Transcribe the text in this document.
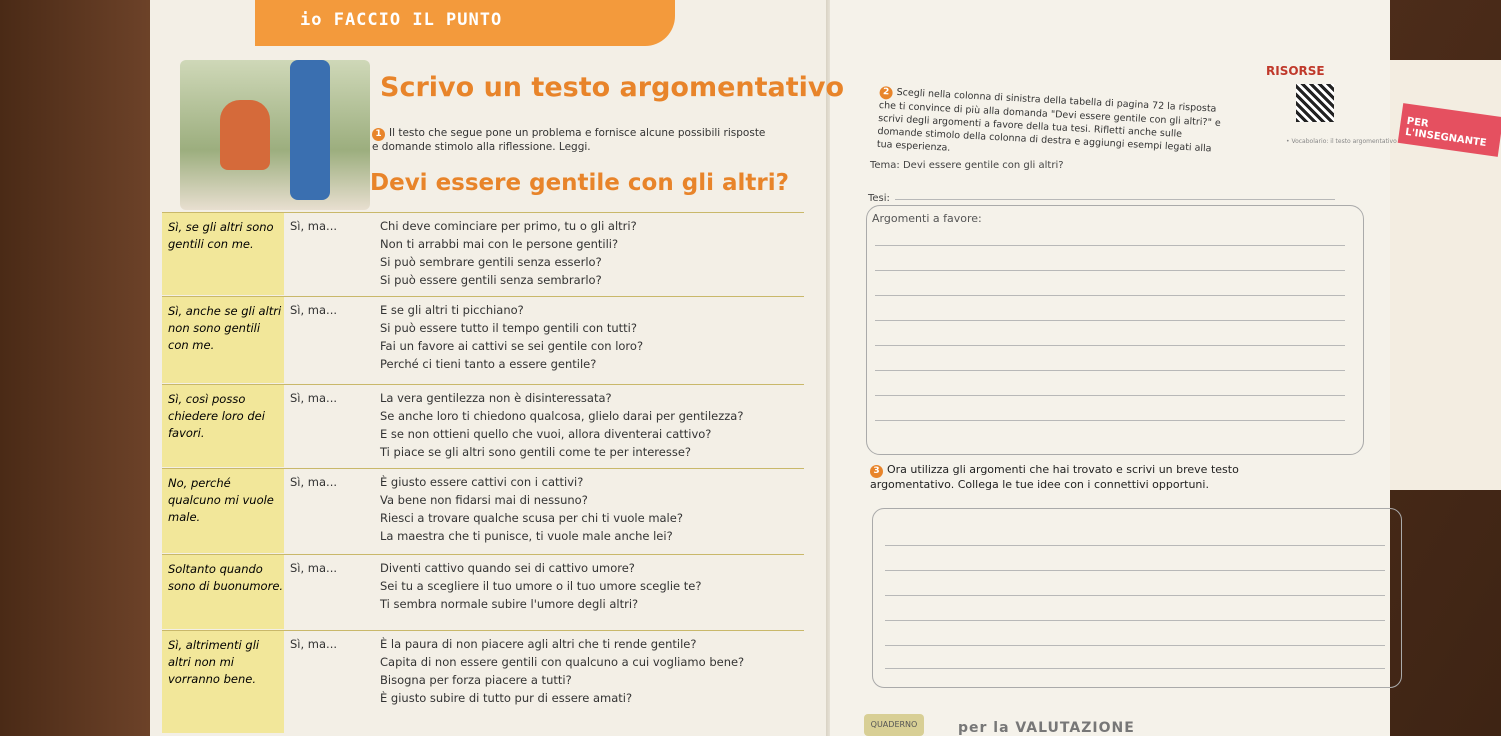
PER L'INSEGNANTE
io FACCIO IL PUNTO
Scrivo un testo argomentativo
1 Il testo che segue pone un problema e fornisce alcune possibili risposte e domande stimolo alla riflessione. Leggi.
Devi essere gentile con gli altri?
Sì, se gli altri sono gentili con me.
Sì, ma...	Chi deve cominciare per primo, tu o gli altri?
Non ti arrabbi mai con le persone gentili?
Si può sembrare gentili senza esserlo?
Si può essere gentili senza sembrarlo?
Sì, anche se gli altri non sono gentili con me.
Sì, ma...	E se gli altri ti picchiano?
Si può essere tutto il tempo gentili con tutti?
Fai un favore ai cattivi se sei gentile con loro?
Perché ci tieni tanto a essere gentile?
Sì, così posso chiedere loro dei favori.
Sì, ma...	La vera gentilezza non è disinteressata?
Se anche loro ti chiedono qualcosa, glielo darai per gentilezza?
E se non ottieni quello che vuoi, allora diventerai cattivo?
Ti piace se gli altri sono gentili come te per interesse?
No, perché qualcuno mi vuole male.
Sì, ma...	È giusto essere cattivi con i cattivi?
Va bene non fidarsi mai di nessuno?
Riesci a trovare qualche scusa per chi ti vuole male?
La maestra che ti punisce, ti vuole male anche lei?
Soltanto quando sono di buonumore.
Sì, ma...	Diventi cattivo quando sei di cattivo umore?
Sei tu a scegliere il tuo umore o il tuo umore sceglie te?
Ti sembra normale subire l'umore degli altri?
Sì, altrimenti gli altri non mi vorranno bene.
Sì, ma...	È la paura di non piacere agli altri che ti rende gentile?
Capita di non essere gentili con qualcuno a cui vogliamo bene?
Bisogna per forza piacere a tutti?
È giusto subire di tutto pur di essere amati?
RISORSE
• Vocabolario: il testo argomentativo
2 Scegli nella colonna di sinistra della tabella di pagina 72 la risposta che ti convince di più alla domanda "Devi essere gentile con gli altri?" e scrivi degli argomenti a favore della tua tesi. Rifletti anche sulle domande stimolo della colonna di destra e aggiungi esempi legati alla tua esperienza.
Tema: Devi essere gentile con gli altri?
Tesi:
Argomenti a favore:
3 Ora utilizza gli argomenti che hai trovato e scrivi un breve testo argomentativo. Collega le tue idee con i connettivi opportuni.
QUADERNO	per la VALUTAZIONE
